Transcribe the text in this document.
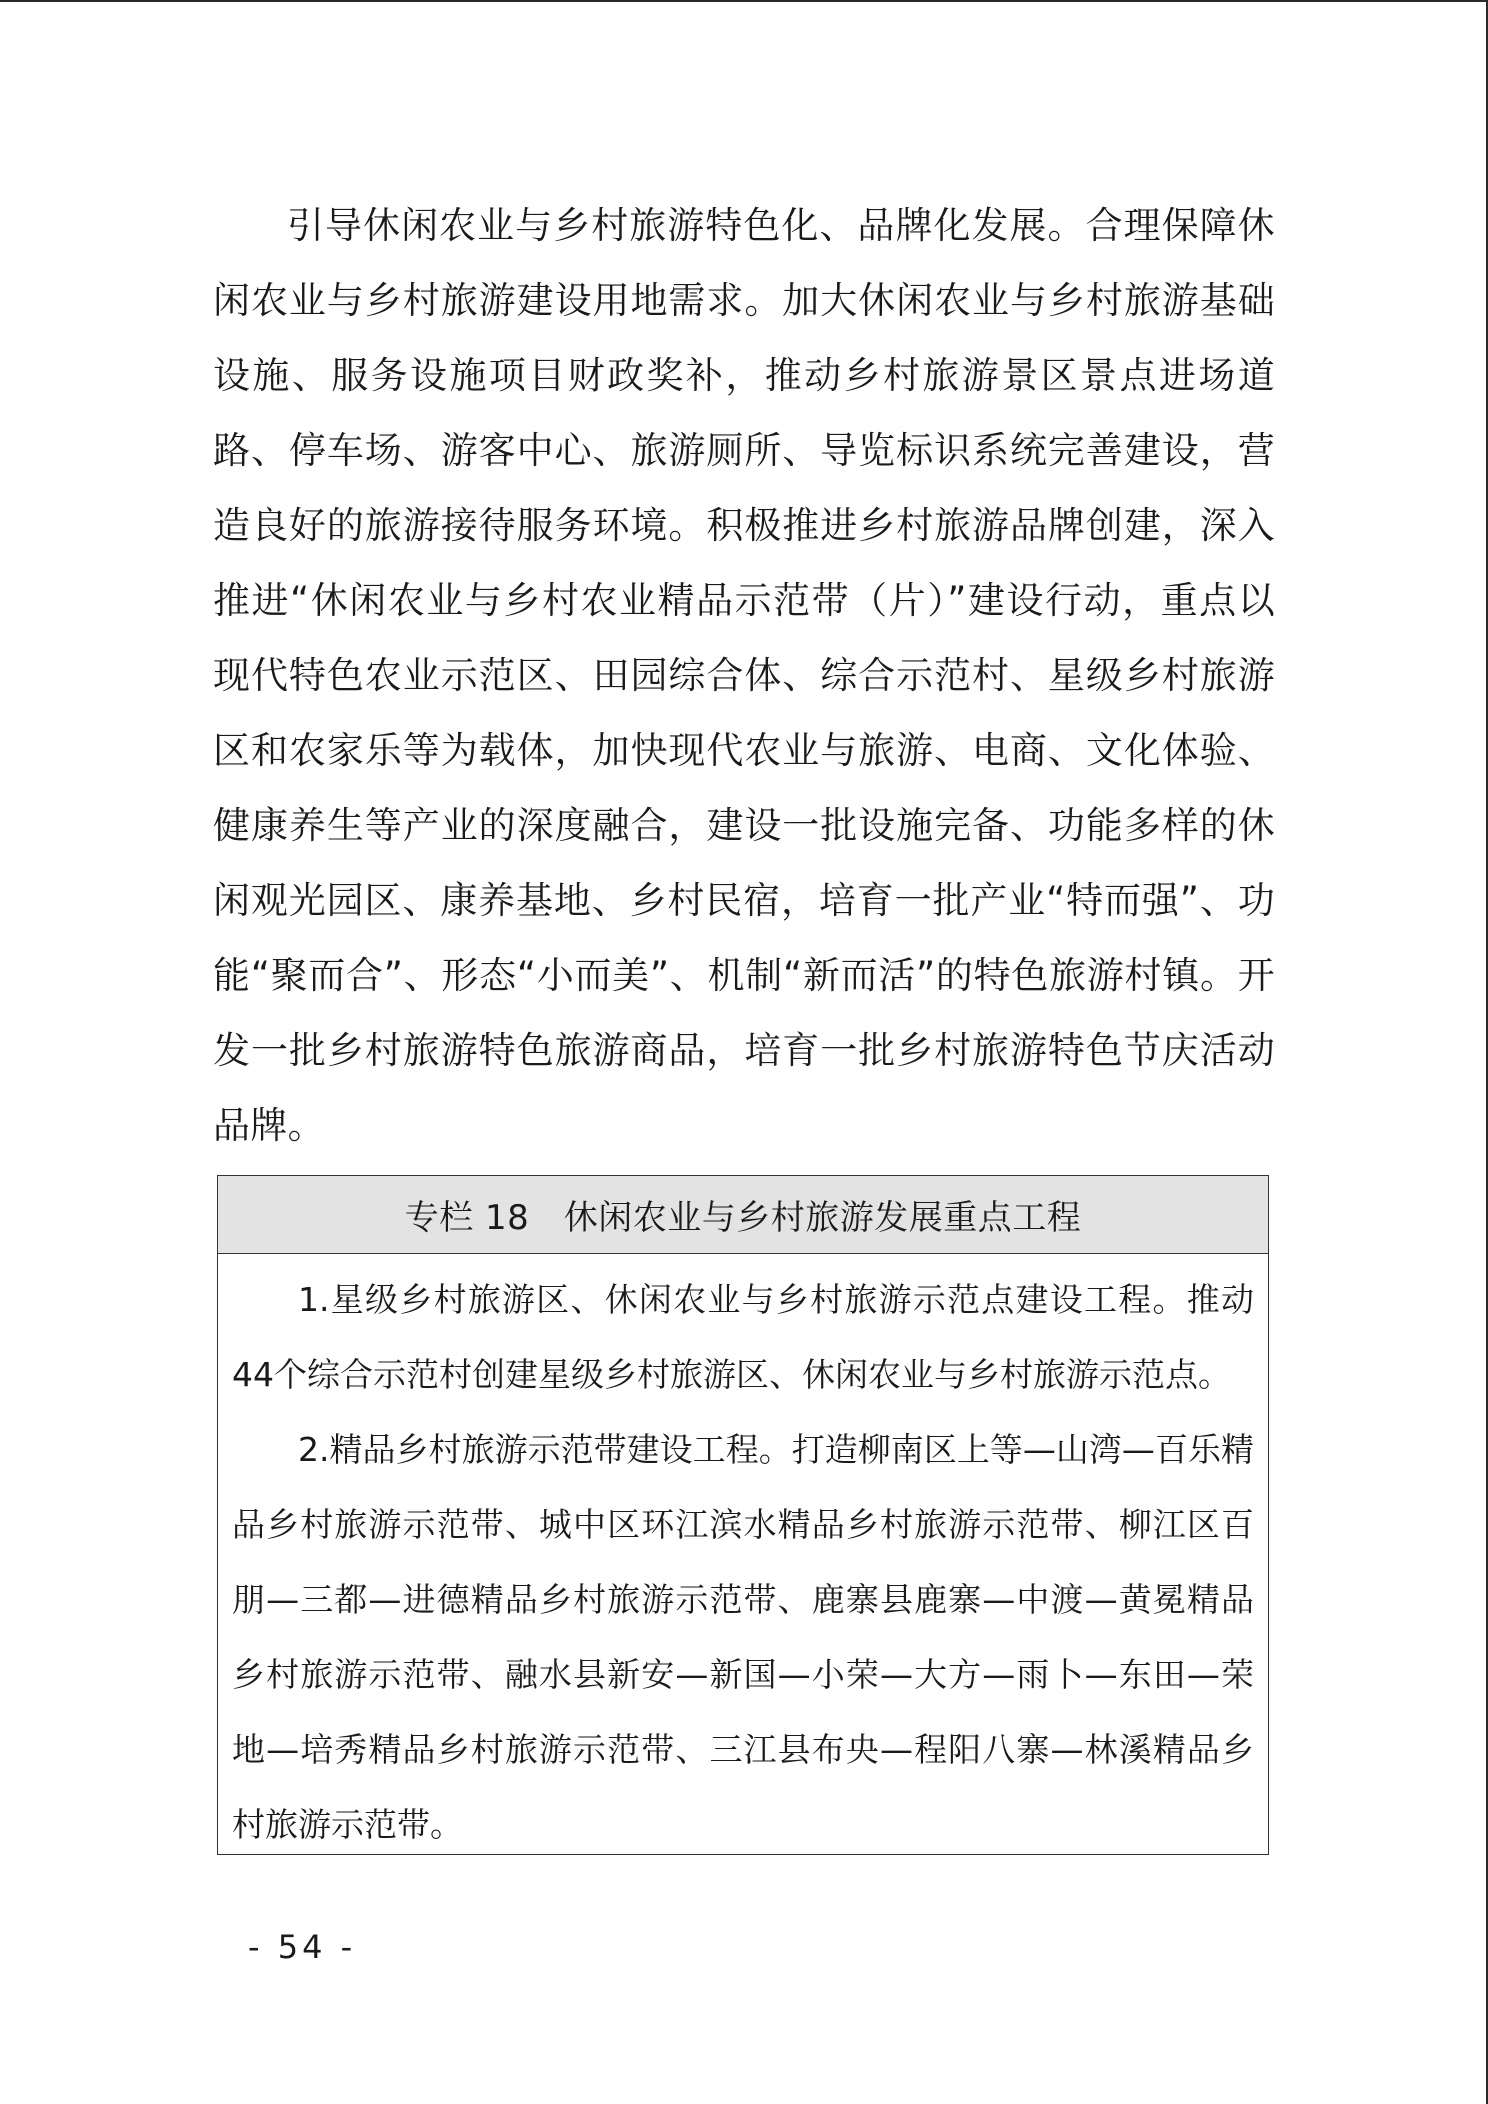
引导休闲农业与乡村旅游特色化、品牌化发展。合理保障休闲农业与乡村旅游建设用地需求。加大休闲农业与乡村旅游基础设施、服务设施项目财政奖补，推动乡村旅游景区景点进场道路、停车场、游客中心、旅游厕所、导览标识系统完善建设，营造良好的旅游接待服务环境。积极推进乡村旅游品牌创建，深入推进“休闲农业与乡村农业精品示范带（片）”建设行动，重点以现代特色农业示范区、田园综合体、综合示范村、星级乡村旅游区和农家乐等为载体，加快现代农业与旅游、电商、文化体验、健康养生等产业的深度融合，建设一批设施完备、功能多样的休闲观光园区、康养基地、乡村民宿，培育一批产业“特而强”、功能“聚而合”、形态“小而美”、机制“新而活”的特色旅游村镇。开发一批乡村旅游特色旅游商品，培育一批乡村旅游特色节庆活动品牌。

专栏 18　休闲农业与乡村旅游发展重点工程

1.星级乡村旅游区、休闲农业与乡村旅游示范点建设工程。推动44个综合示范村创建星级乡村旅游区、休闲农业与乡村旅游示范点。

2.精品乡村旅游示范带建设工程。打造柳南区上等—山湾—百乐精品乡村旅游示范带、城中区环江滨水精品乡村旅游示范带、柳江区百朋—三都—进德精品乡村旅游示范带、鹿寨县鹿寨—中渡—黄冕精品乡村旅游示范带、融水县新安—新国—小荣—大方—雨卜—东田—荣地—培秀精品乡村旅游示范带、三江县布央—程阳八寨—林溪精品乡村旅游示范带。

- 54 -
